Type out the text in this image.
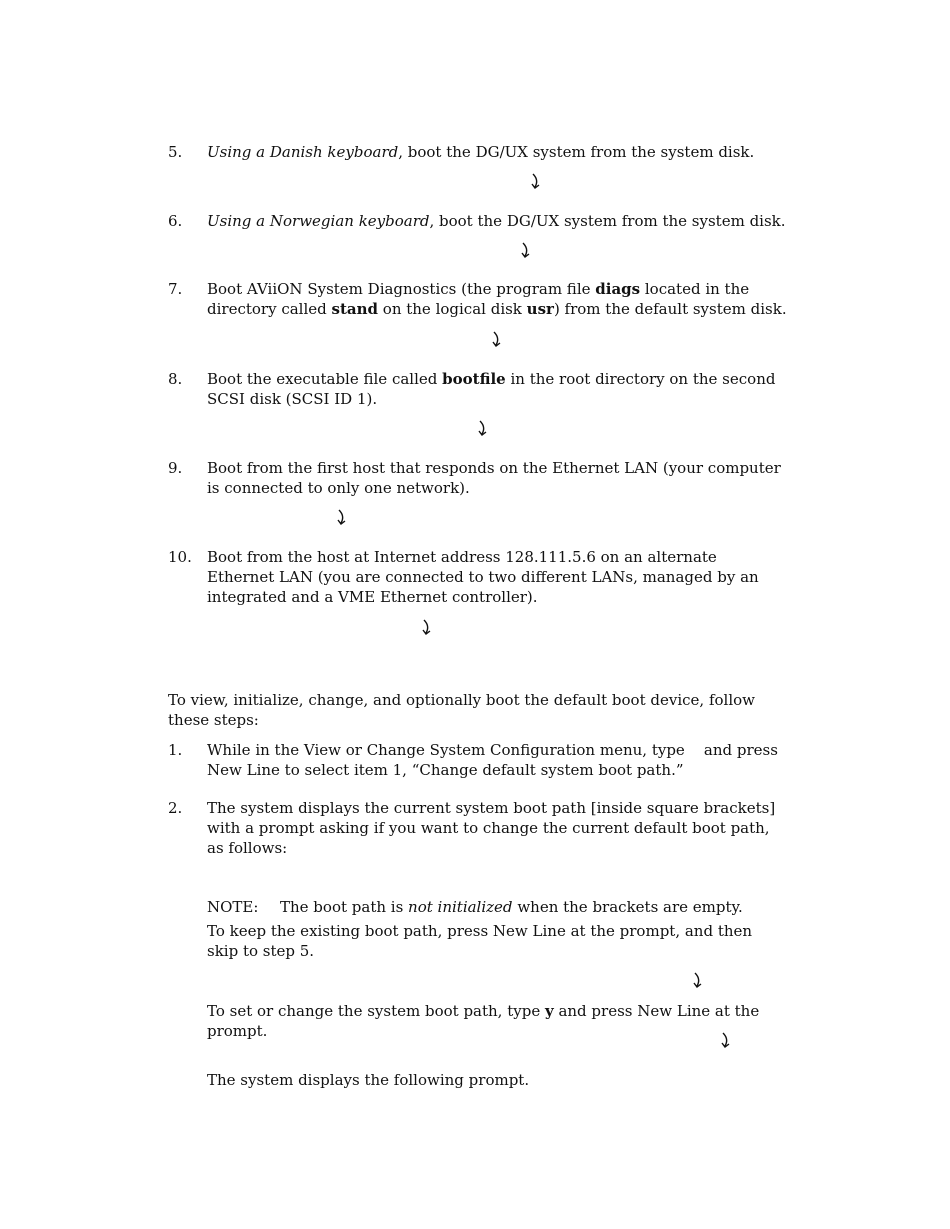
5.	Using a Danish keyboard, boot the DG/UX system from the system disk.
6.	Using a Norwegian keyboard, boot the DG/UX system from the system disk.
7.	Boot AViiON System Diagnostics (the program file diags located in the directory called stand on the logical disk usr) from the default system disk.
8.	Boot the executable file called bootfile in the root directory on the second SCSI disk (SCSI ID 1).
9.	Boot from the first host that responds on the Ethernet LAN (your computer is connected to only one network).
10.	Boot from the host at Internet address 128.111.5.6 on an alternate Ethernet LAN (you are connected to two different LANs, managed by an integrated and a VME Ethernet controller).
To view, initialize, change, and optionally boot the default boot device, follow these steps:
1.	While in the View or Change System Configuration menu, type    and press New Line to select item 1, “Change default system boot path.”
2.	The system displays the current system boot path [inside square brackets] with a prompt asking if you want to change the current default boot path, as follows:
NOTE:	The boot path is not initialized when the brackets are empty.
To keep the existing boot path, press New Line at the prompt, and then skip to step 5.
To set or change the system boot path, type y and press New Line at the prompt.
The system displays the following prompt.
